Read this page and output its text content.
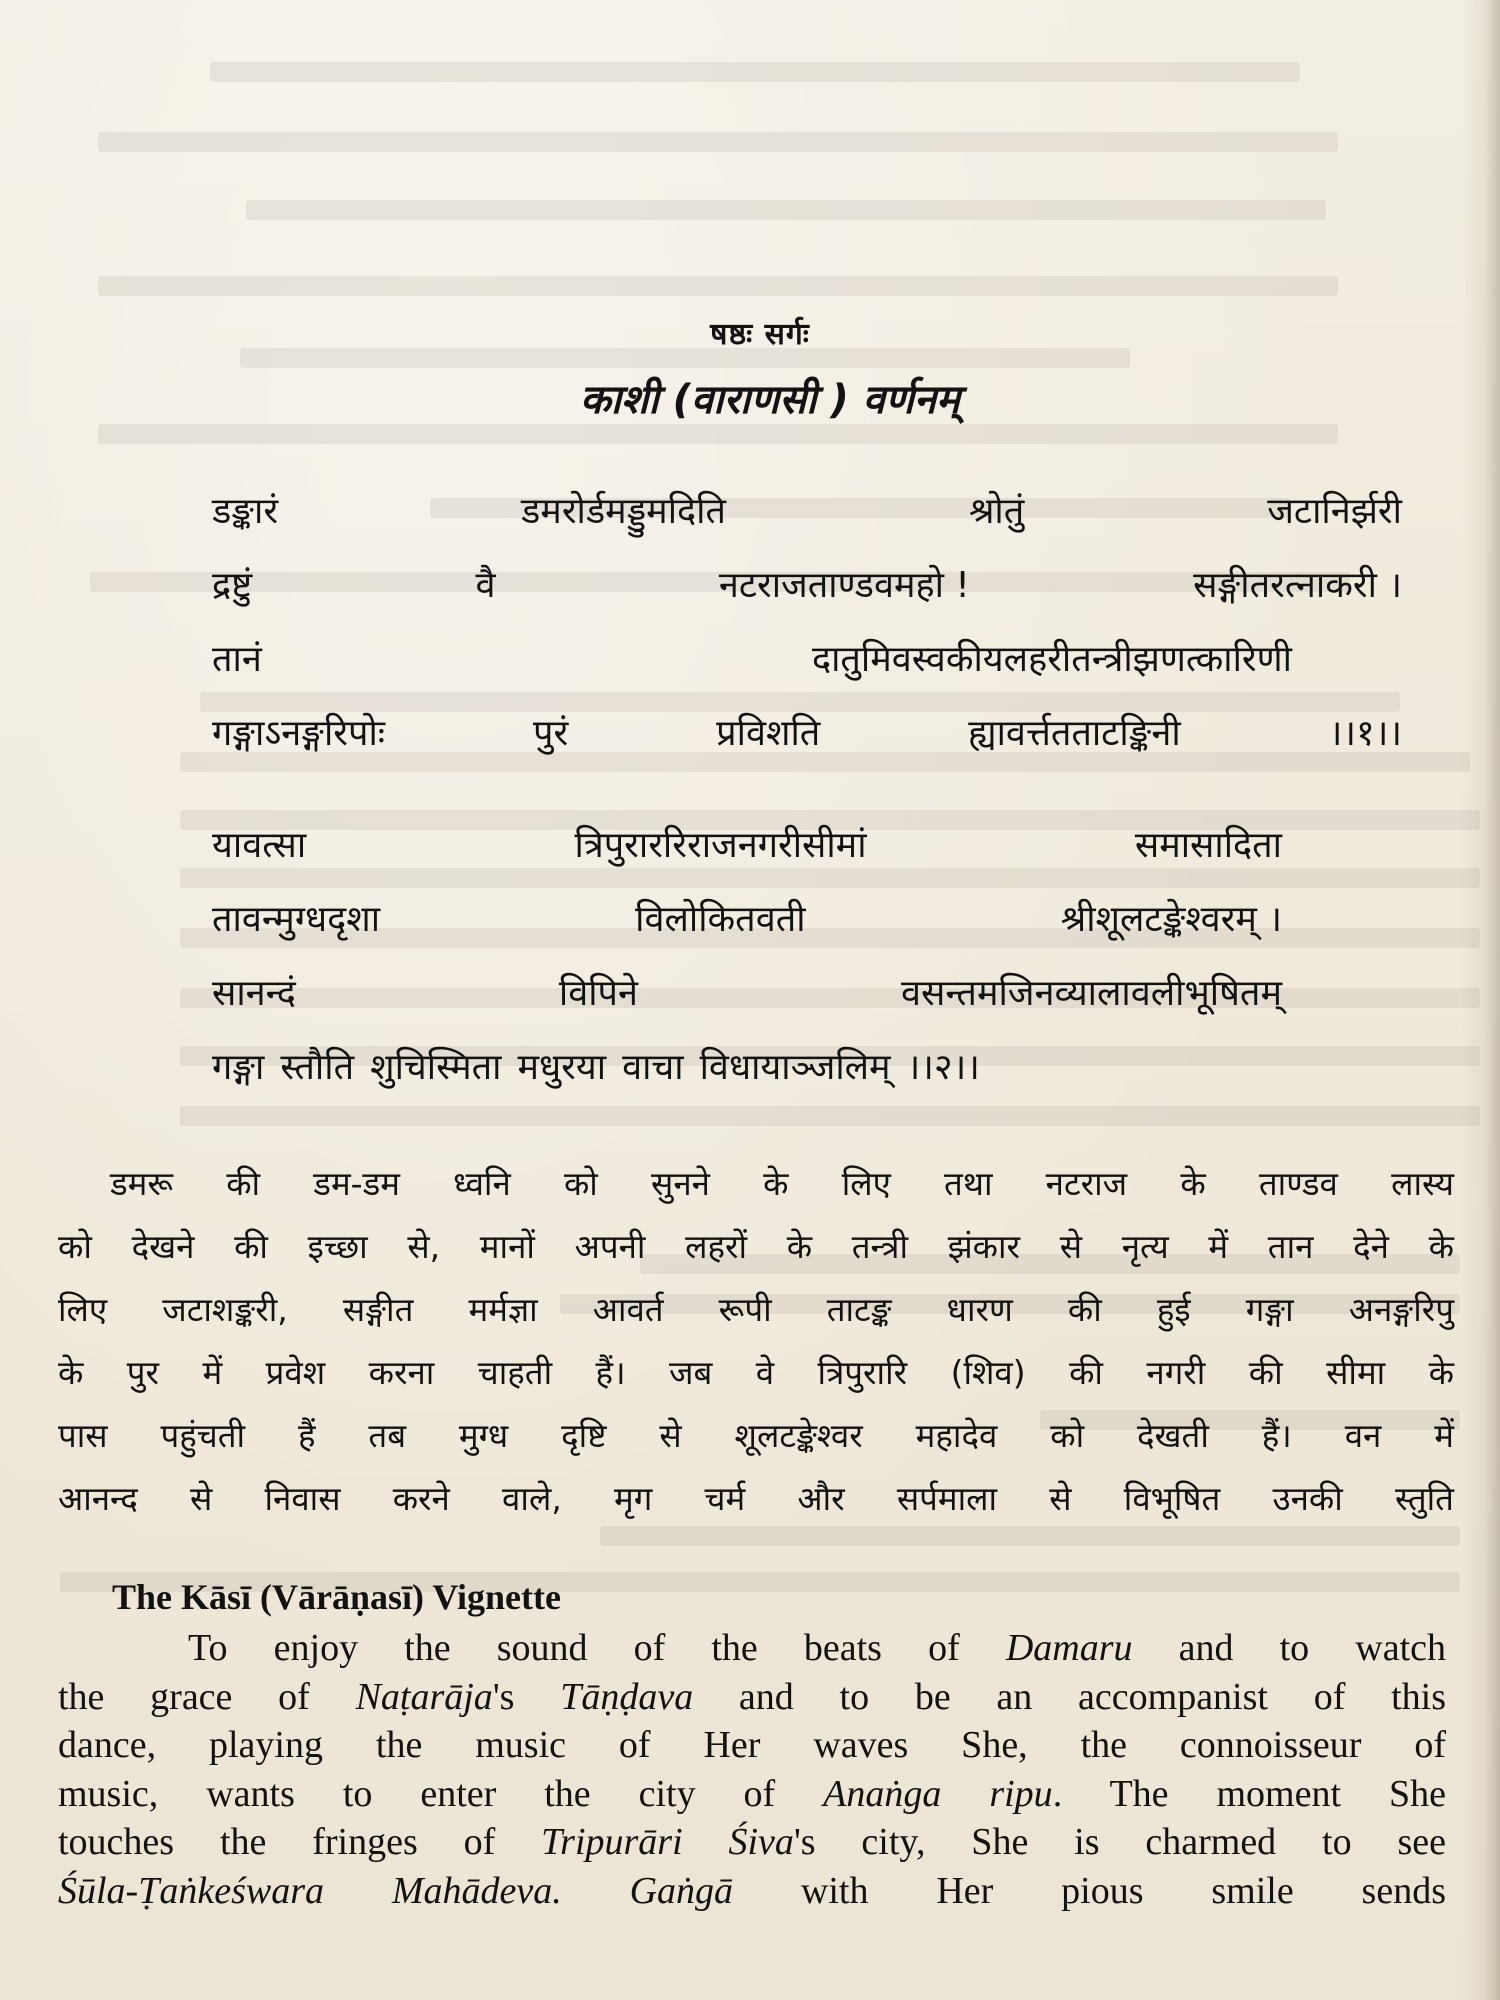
षष्ठः सर्गः
काशी (वाराणसी ) वर्णनम्
डङ्कारं	डमरोर्डमड्डुमदिति	श्रोतुं	जटानिर्झरी
द्रष्टुं	वै	नटराजताण्डवमहो !	सङ्गीतरत्नाकरी ।
तानं	दातुमिवस्वकीयलहरीतन्त्रीझणत्कारिणी
गङ्गाऽनङ्गरिपोः	पुरं	प्रविशति	ह्यावर्त्ततताटङ्किनी	।।१।।
यावत्सा	त्रिपुराररिराजनगरीसीमां	समासादिता
तावन्मुग्धदृशा	विलोकितवती	श्रीशूलटङ्केश्वरम् ।
सानन्दं	विपिने	वसन्तमजिनव्यालावलीभूषितम्
गङ्गा स्तौति शुचिस्मिता मधुरया वाचा विधायाञ्जलिम् ।।२।।
डमरू की डम-डम ध्वनि को सुनने के लिए तथा नटराज के ताण्डव लास्य
को देखने की इच्छा से, मानों अपनी लहरों के तन्त्री झंकार से नृत्य में तान देने के
लिए जटाशङ्करी, सङ्गीत मर्मज्ञा आवर्त रूपी ताटङ्क धारण की हुई गङ्गा अनङ्गरिपु
के पुर में प्रवेश करना चाहती हैं। जब वे त्रिपुरारि (शिव) की नगरी की सीमा के
पास पहुंचती हैं तब मुग्ध दृष्टि से शूलटङ्केश्वर महादेव को देखती हैं। वन में
आनन्द से निवास करने वाले, मृग चर्म और सर्पमाला से विभूषित उनकी स्तुति
The Kāsī (Vārāṇasī) Vignette
To enjoy the sound of the beats of Damaru and to watch
the grace of Naṭarāja's Tāṇḍava and to be an accompanist of this
dance, playing the music of Her waves She, the connoisseur of
music, wants to enter the city of Anaṅga ripu. The moment She
touches the fringes of Tripurāri Śiva's city, She is charmed to see
Śūla-Ṭaṅkeśwara Mahādeva. Gaṅgā with Her pious smile sends
